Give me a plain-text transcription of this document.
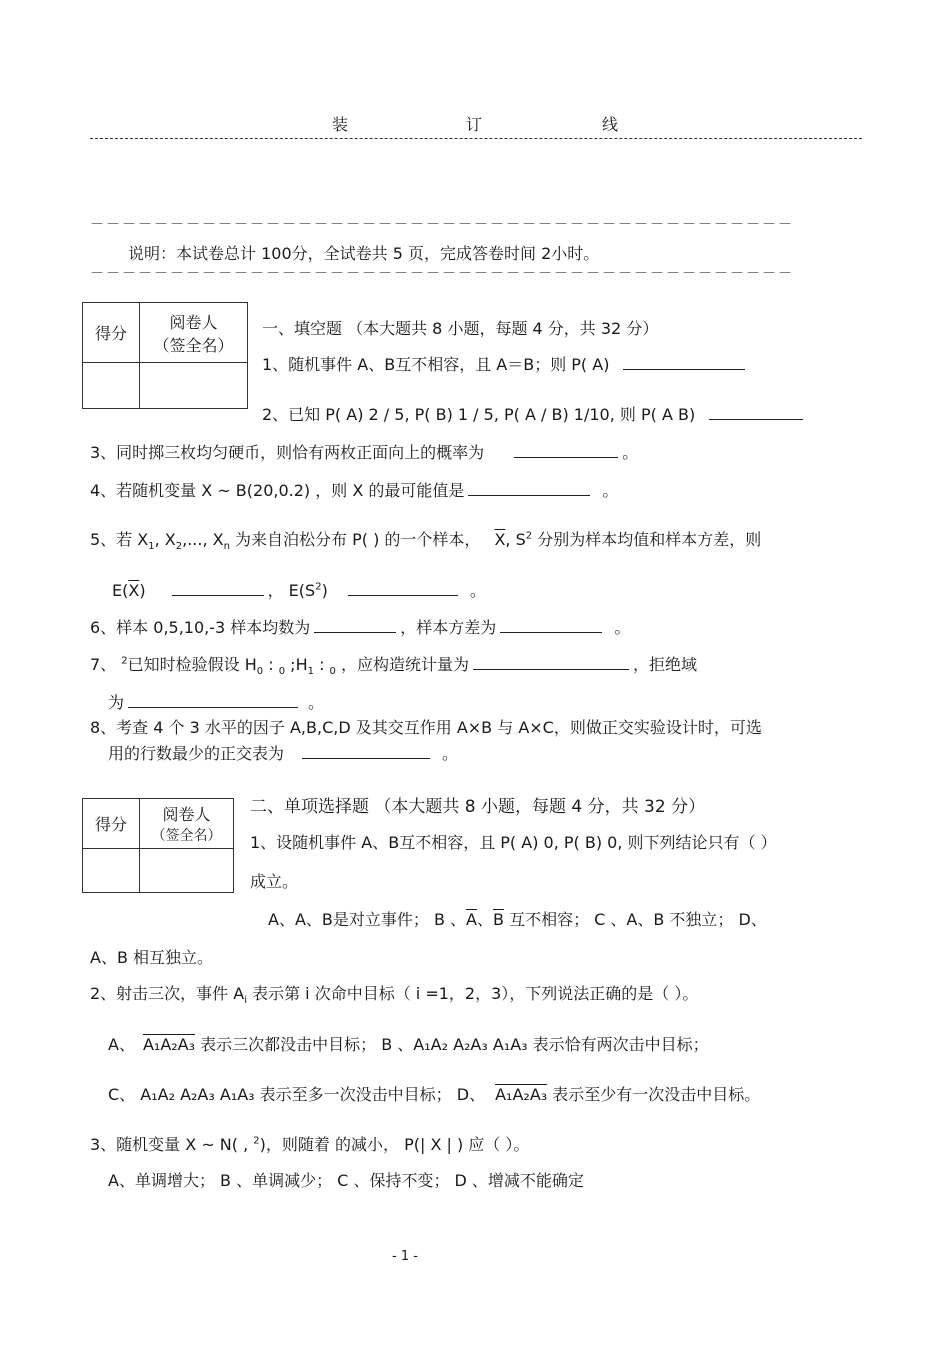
装	订	线
－－－－－－－－－－－－－－－－－－－－－－－－－－－－－－－－－－－－－－－－－－－－
说明：本试卷总计 100分，全试卷共 5 页，完成答卷时间 2小时。
－－－－－－－－－－－－－－－－－－－－－－－－－－－－－－－－－－－－－－－－－－－－
得分	阅卷人
（签全名）

一、填空题 （本大题共 8 小题，每题 4 分，共 32 分）
1、随机事件 A、B互不相容，且 A＝B；则 P( A)
2、已知 P( A) 2 / 5, P( B) 1 / 5, P( A / B) 1/10, 则 P( A B)
3、同时掷三枚均匀硬币，则恰有两枚正面向上的概率为	。
4、若随机变量 X ~ B(20,0.2) ，则 X 的最可能值是	。
5、若 $X_1$, $X_2$,..., $X_n$ 为来自泊松分布 P( ) 的一个样本， $\overline{X}$, $S^2$ 分别为样本均值和样本方差，则
$E(\overline{X})$	， $E(S^2)$	。
6、样本 0,5,10,-3 样本均数为	，样本方差为	。
7、 $^2$已知时检验假设 $H_0$ : $_0$ $;H_1$ : $_0$ ，应构造统计量为	，拒绝域
为	。
8、考查 4 个 3 水平的因子 A,B,C,D 及其交互作用 A×B 与 A×C，则做正交实验设计时，可选
用的行数最少的正交表为	。
得分	阅卷人
（签全名）

二、单项选择题 （本大题共 8 小题，每题 4 分，共 32 分）
1、设随机事件 A、B互不相容，且 P( A) 0, P( B) 0, 则下列结论只有（ ）
成立。
A、A、B是对立事件； B 、$\overline{A}$、$\overline{B}$ 互不相容； C 、A、B 不独立； D、
A、B 相互独立。
2、射击三次，事件 $A_i$ 表示第 i 次命中目标（ i =1，2，3），下列说法正确的是（ ）。
A、 A₁A₂A₃ 表示三次都没击中目标； B 、A₁A₂ A₂A₃ A₁A₃ 表示恰有两次击中目标；
C、 A₁A₂ A₂A₃ A₁A₃ 表示至多一次没击中目标； D、 A₁A₂A₃ 表示至少有一次没击中目标。
3、随机变量 X ~ N( , $^2$)，则随着 的减小， P(| X | ) 应（ ）。
A、单调增大； B 、单调减少； C 、保持不变； D 、增减不能确定
- 1 -
